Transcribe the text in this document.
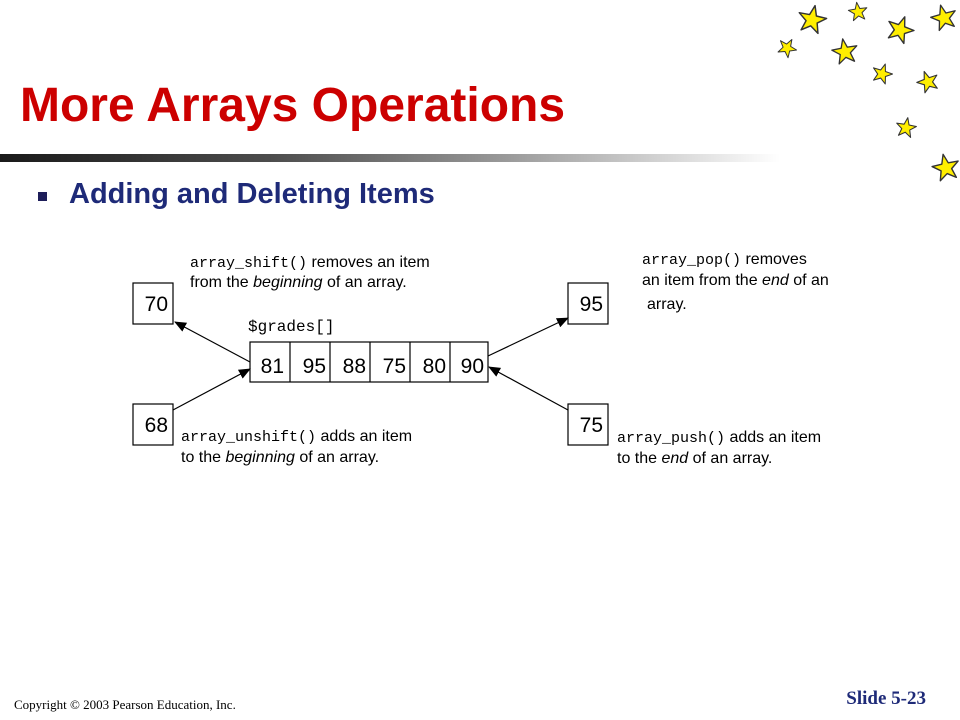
More Arrays Operations
Adding and Deleting Items
$grades[]
81 95 88 75 80 90
70
68
95
75
array_shift() removes an item
from the beginning of an array.
array_unshift() adds an item
to the beginning of an array.
array_pop() removes
an item from the end of an
array.
array_push() adds an item
to the end of an array.
Copyright © 2003 Pearson Education, Inc.	Slide 5-23
